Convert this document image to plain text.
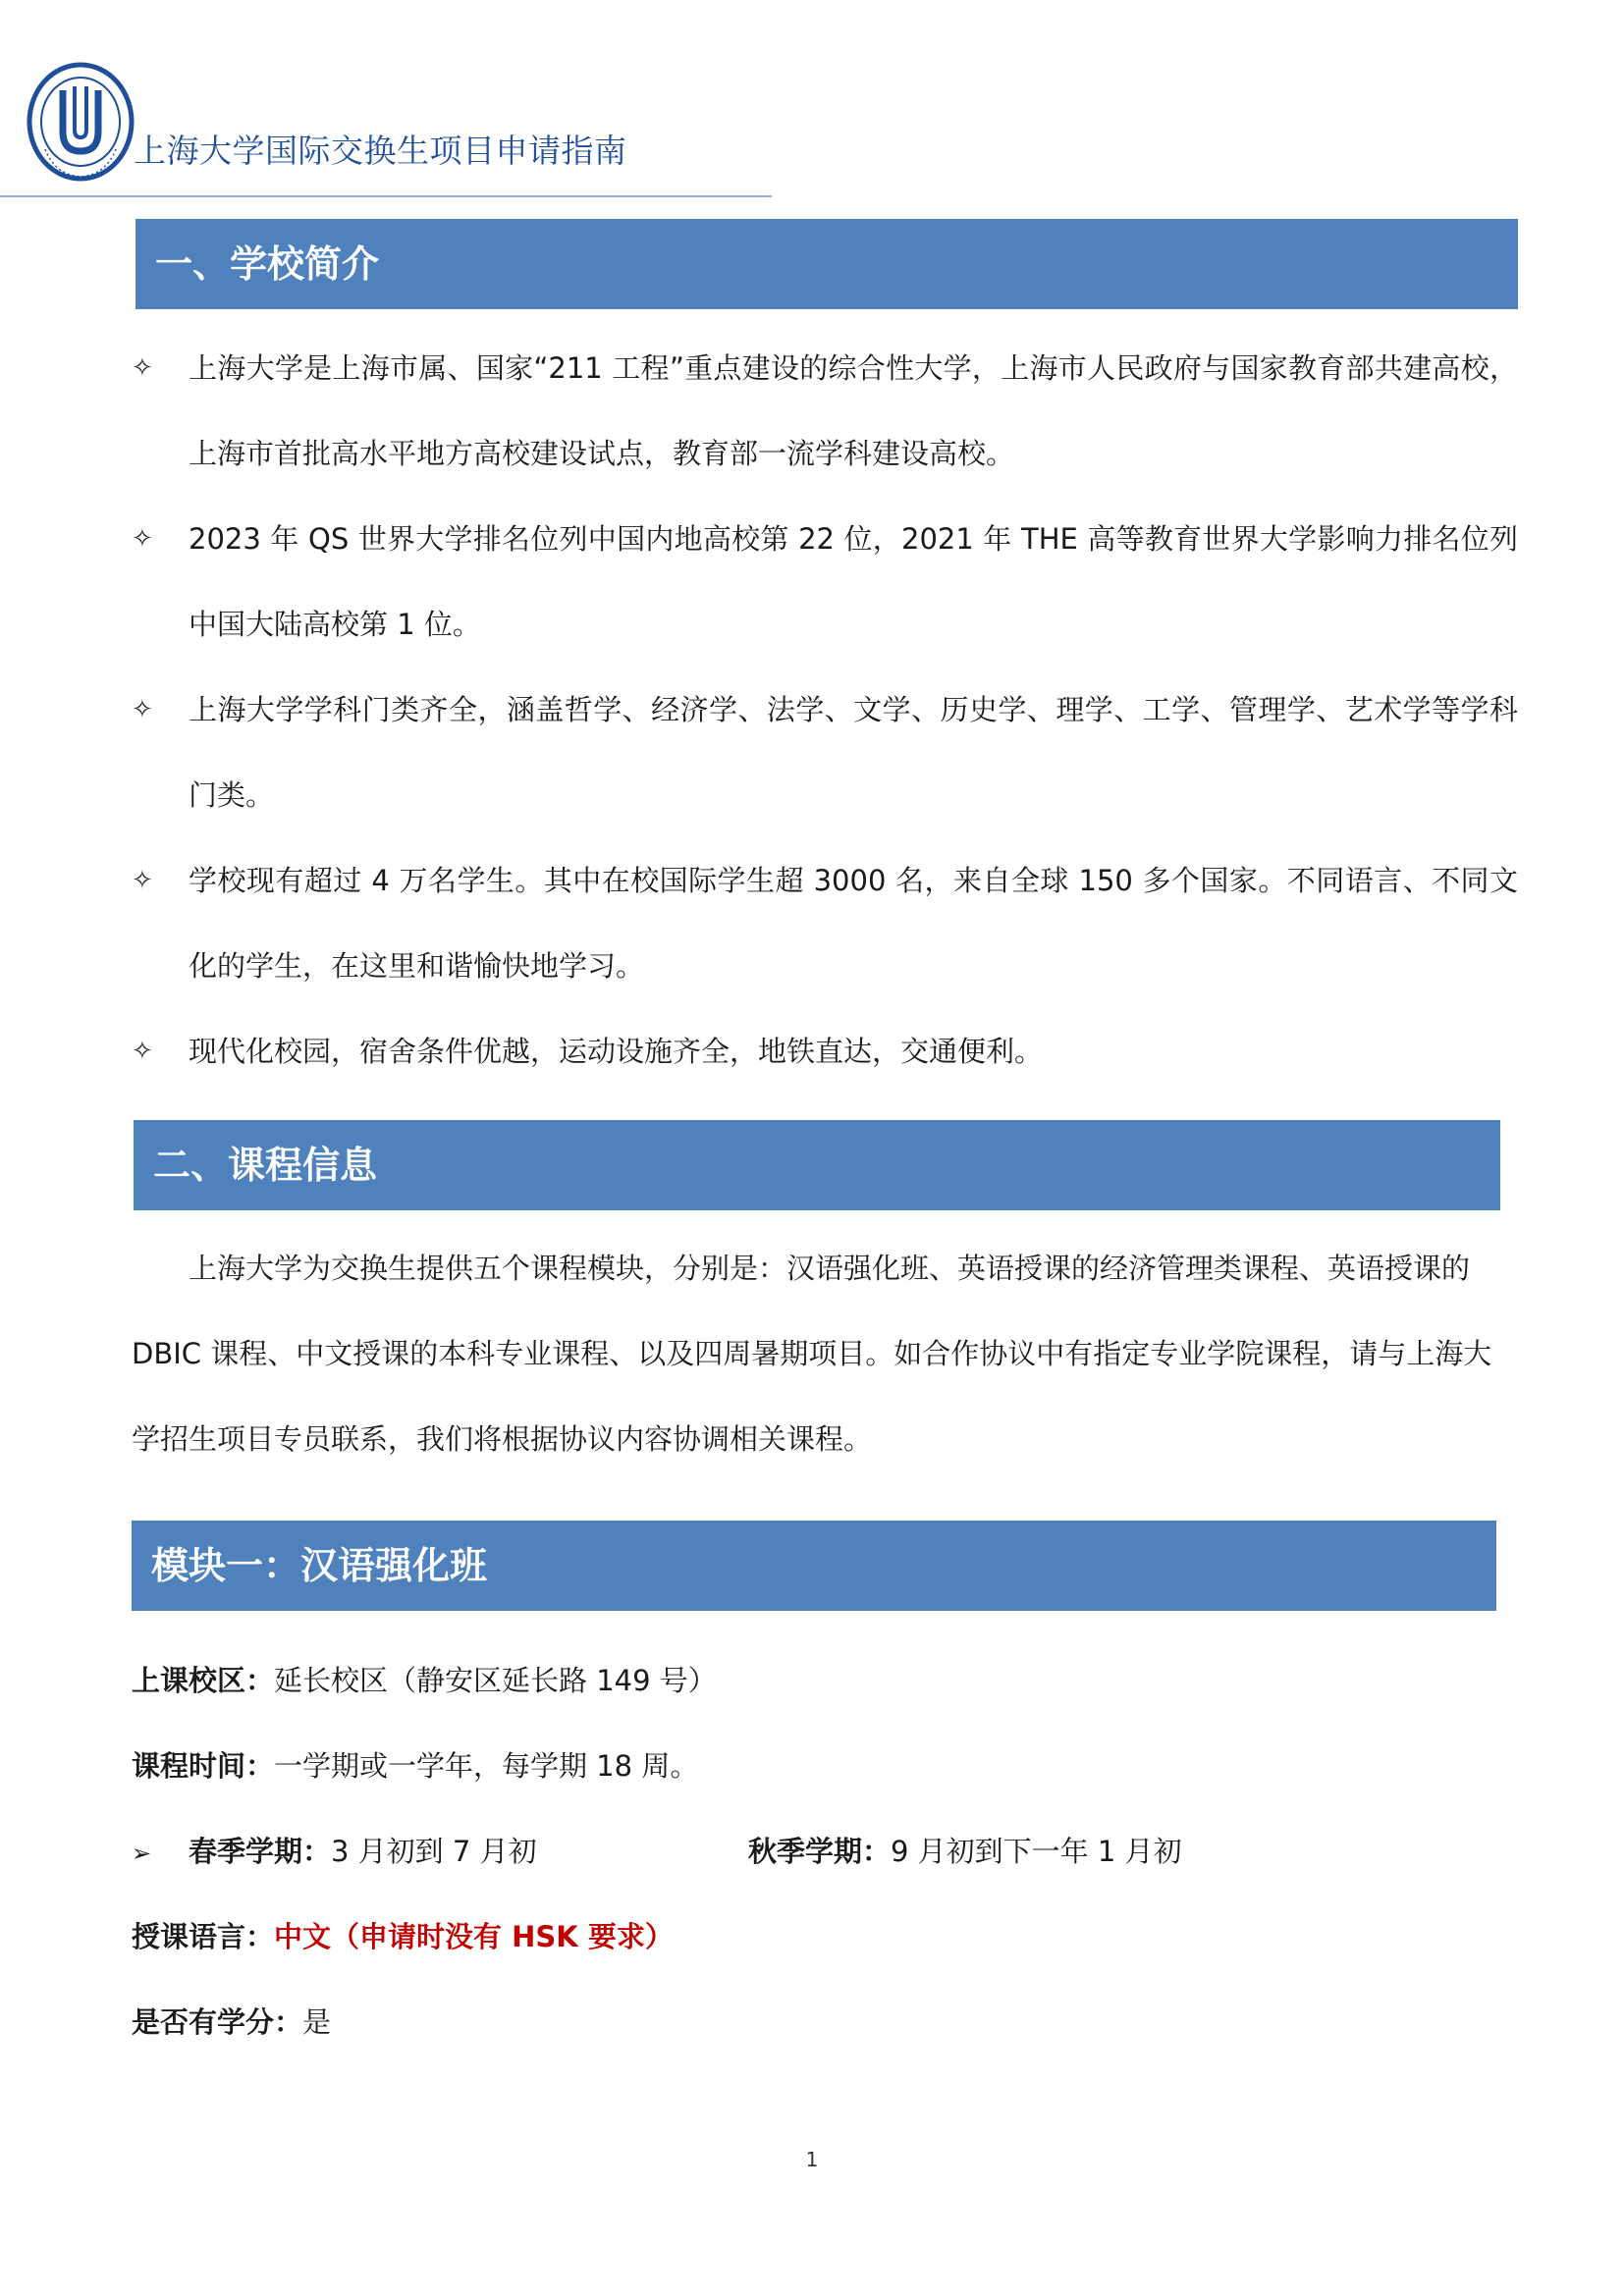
上海大学国际交换生项目申请指南
一、学校简介
✧ 上海大学是上海市属、国家“211 工程”重点建设的综合性大学，上海市人民政府与国家教育部共建高校，上海市首批高水平地方高校建设试点，教育部一流学科建设高校。
✧ 2023 年 QS 世界大学排名位列中国内地高校第 22 位，2021 年 THE 高等教育世界大学影响力排名位列中国大陆高校第 1 位。
✧ 上海大学学科门类齐全，涵盖哲学、经济学、法学、文学、历史学、理学、工学、管理学、艺术学等学科门类。
✧ 学校现有超过 4 万名学生。其中在校国际学生超 3000 名，来自全球 150 多个国家。不同语言、不同文化的学生，在这里和谐愉快地学习。
✧ 现代化校园，宿舍条件优越，运动设施齐全，地铁直达，交通便利。
二、课程信息

上海大学为交换生提供五个课程模块，分别是：汉语强化班、英语授课的经济管理类课程、英语授课的 DBIC 课程、中文授课的本科专业课程、以及四周暑期项目。如合作协议中有指定专业学院课程，请与上海大学招生项目专员联系，我们将根据协议内容协调相关课程。

模块一：汉语强化班

上课校区：延长校区（静安区延长路 149 号）

课程时间：一学期或一学年，每学期 18 周。

➢ 春季学期：3 月初到 7 月初	秋季学期：9 月初到下一年 1 月初

授课语言：中文（申请时没有 HSK 要求）

是否有学分：是

1
